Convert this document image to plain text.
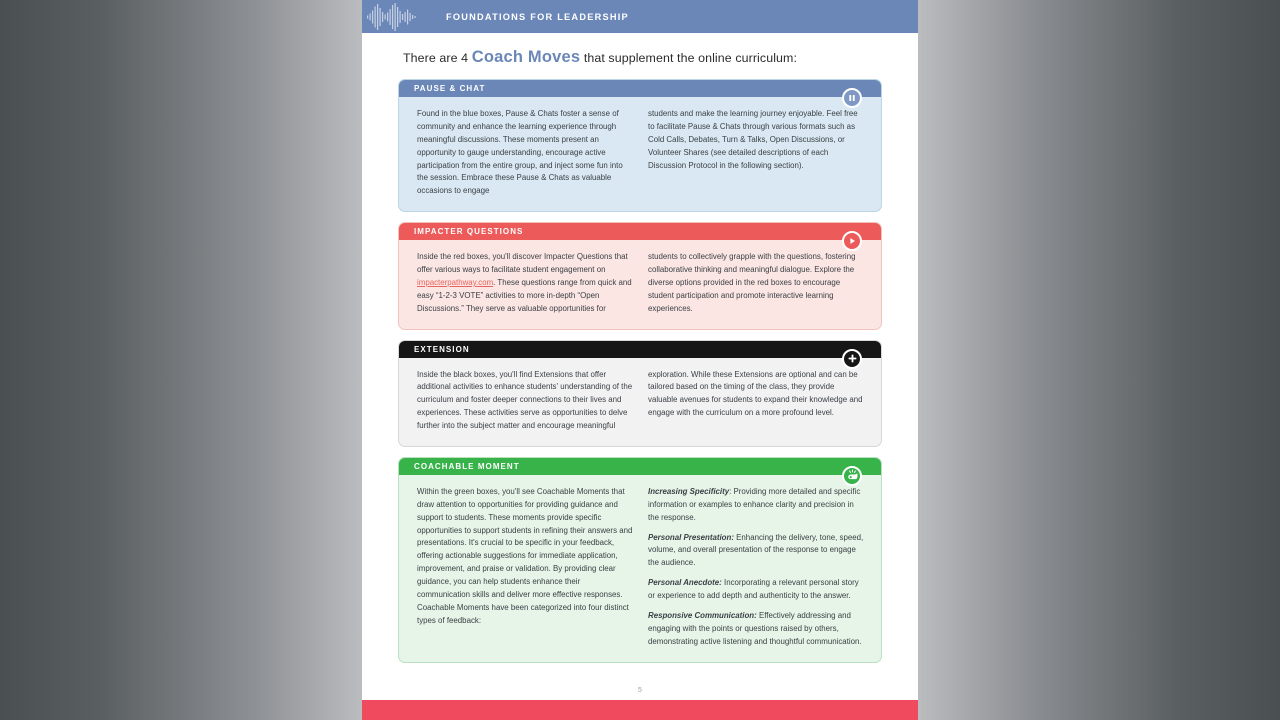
FOUNDATIONS FOR LEADERSHIP
There are 4 Coach Moves that supplement the online curriculum:
PAUSE & CHAT
Found in the blue boxes, Pause & Chats foster a sense of community and enhance the learning experience through meaningful discussions. These moments present an opportunity to gauge understanding, encourage active participation from the entire group, and inject some fun into the session. Embrace these Pause & Chats as valuable occasions to engage
students and make the learning journey enjoyable. Feel free to facilitate Pause & Chats through various formats such as Cold Calls, Debates, Turn & Talks, Open Discussions, or Volunteer Shares (see detailed descriptions of each Discussion Protocol in the following section).
IMPACTER QUESTIONS
Inside the red boxes, you'll discover Impacter Questions that offer various ways to facilitate student engagement on impacterpathway.com. These questions range from quick and easy “1-2-3 VOTE” activities to more in-depth “Open Discussions.” They serve as valuable opportunities for
students to collectively grapple with the questions, fostering collaborative thinking and meaningful dialogue. Explore the diverse options provided in the red boxes to encourage student participation and promote interactive learning experiences.
EXTENSION
Inside the black boxes, you'll find Extensions that offer additional activities to enhance students' understanding of the curriculum and foster deeper connections to their lives and experiences. These activities serve as opportunities to delve further into the subject matter and encourage meaningful
exploration. While these Extensions are optional and can be tailored based on the timing of the class, they provide valuable avenues for students to expand their knowledge and engage with the curriculum on a more profound level.
COACHABLE MOMENT
Within the green boxes, you'll see Coachable Moments that draw attention to opportunities for providing guidance and support to students. These moments provide specific opportunities to support students in refining their answers and presentations. It's crucial to be specific in your feedback, offering actionable suggestions for immediate application, improvement, and praise or validation. By providing clear guidance, you can help students enhance their communication skills and deliver more effective responses. Coachable Moments have been categorized into four distinct types of feedback:

Increasing Specificity: Providing more detailed and specific information or examples to enhance clarity and precision in the response.

Personal Presentation: Enhancing the delivery, tone, speed, volume, and overall presentation of the response to engage the audience.

Personal Anecdote: Incorporating a relevant personal story or experience to add depth and authenticity to the answer.

Responsive Communication: Effectively addressing and engaging with the points or questions raised by others, demonstrating active listening and thoughtful communication.

5
